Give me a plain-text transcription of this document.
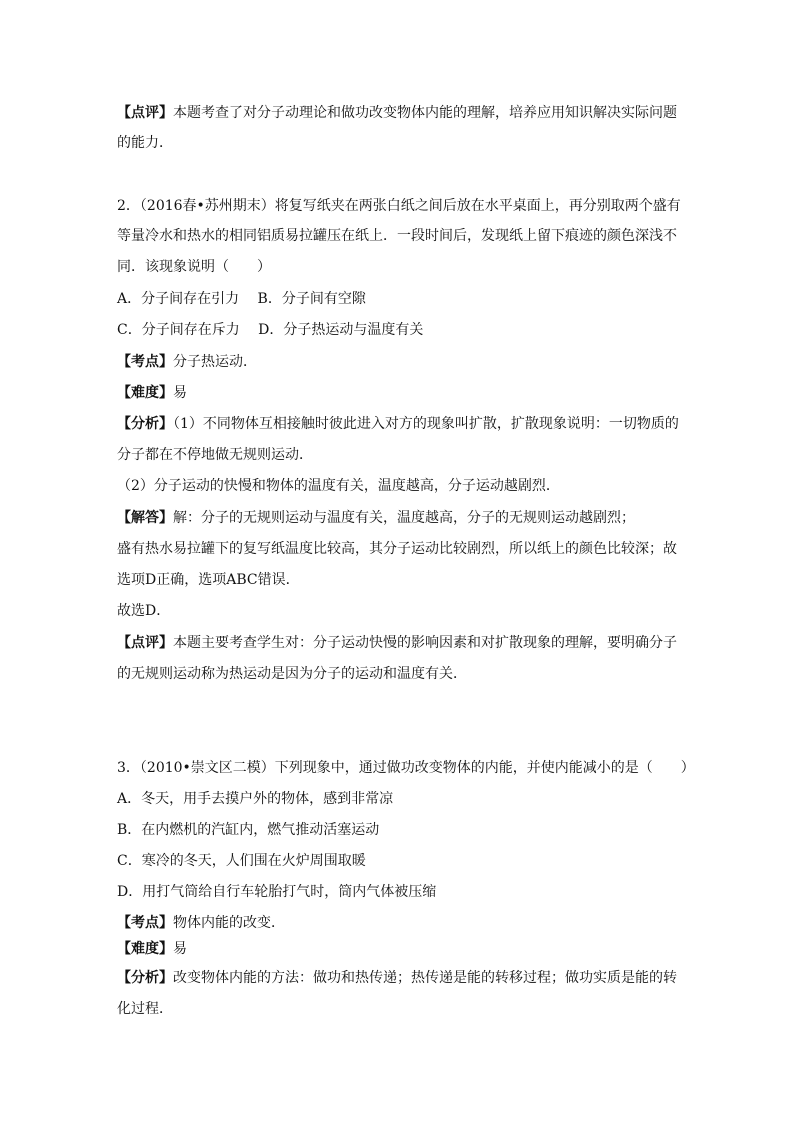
【点评】本题考查了对分子动理论和做功改变物体内能的理解，培养应用知识解决实际问题
的能力．
2．（2016春•苏州期末）将复写纸夹在两张白纸之间后放在水平桌面上，再分别取两个盛有
等量冷水和热水的相同铝质易拉罐压在纸上．一段时间后，发现纸上留下痕迹的颜色深浅不
同．该现象说明（　　）
A．分子间存在引力　 B．分子间有空隙
C．分子间存在斥力　 D．分子热运动与温度有关
【考点】分子热运动．
【难度】易
【分析】（1）不同物体互相接触时彼此进入对方的现象叫扩散，扩散现象说明：一切物质的
分子都在不停地做无规则运动．
（2）分子运动的快慢和物体的温度有关，温度越高，分子运动越剧烈．
【解答】解：分子的无规则运动与温度有关，温度越高，分子的无规则运动越剧烈；
盛有热水易拉罐下的复写纸温度比较高，其分子运动比较剧烈，所以纸上的颜色比较深；故
选项D正确，选项ABC错误．
故选D．
【点评】本题主要考查学生对：分子运动快慢的影响因素和对扩散现象的理解，要明确分子
的无规则运动称为热运动是因为分子的运动和温度有关．
3．（2010•崇文区二模）下列现象中，通过做功改变物体的内能，并使内能减小的是（　　）
A．冬天，用手去摸户外的物体，感到非常凉
B．在内燃机的汽缸内，燃气推动活塞运动
C．寒冷的冬天，人们围在火炉周围取暖
D．用打气筒给自行车轮胎打气时，筒内气体被压缩
【考点】物体内能的改变．
【难度】易
【分析】改变物体内能的方法：做功和热传递；热传递是能的转移过程；做功实质是能的转
化过程．
